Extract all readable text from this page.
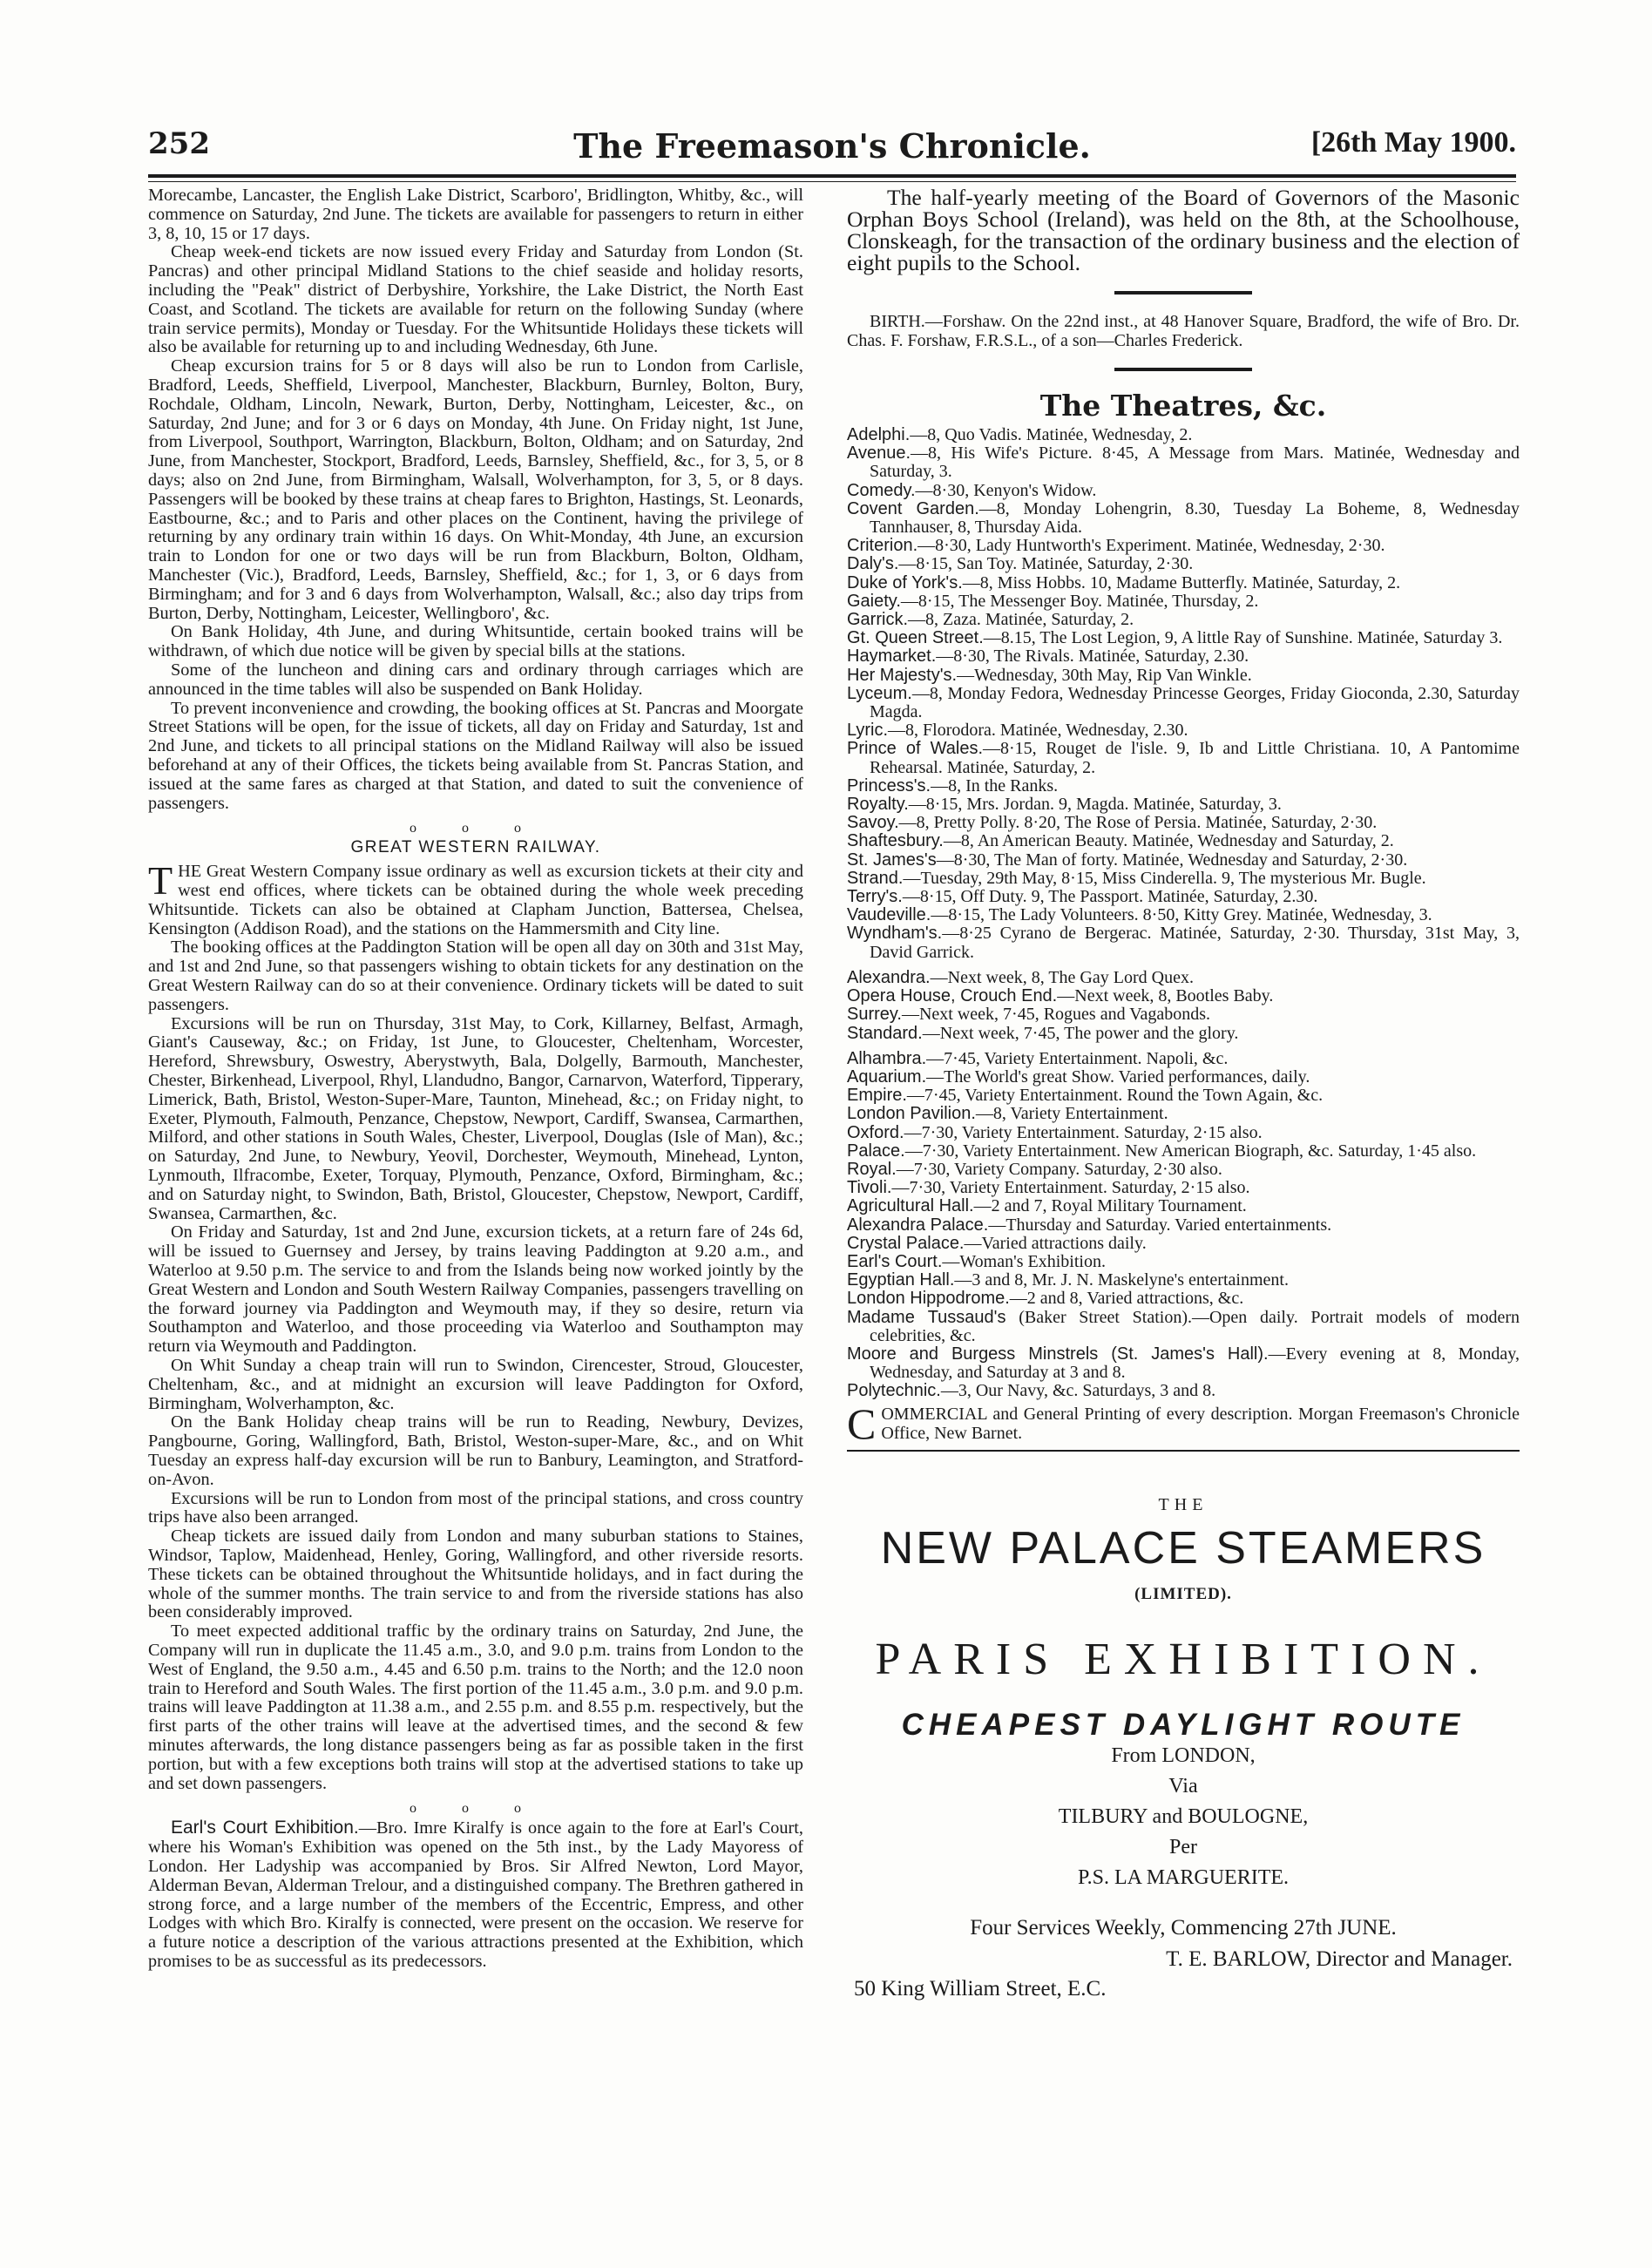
252	The Freemason's Chronicle.	[26th May 1900.

Morecambe, Lancaster, the English Lake District, Scarboro', Bridlington, Whitby, &c., will commence on Saturday, 2nd June. The tickets are available for passengers to return in either 3, 8, 10, 15 or 17 days.

Cheap week-end tickets are now issued every Friday and Saturday from London (St. Pancras) and other principal Midland Stations to the chief seaside and holiday resorts, including the "Peak" district of Derbyshire, Yorkshire, the Lake District, the North East Coast, and Scotland. The tickets are available for return on the following Sunday (where train service permits), Monday or Tuesday. For the Whitsuntide Holidays these tickets will also be available for returning up to and including Wednesday, 6th June.

Cheap excursion trains for 5 or 8 days will also be run to London from Carlisle, Bradford, Leeds, Sheffield, Liverpool, Manchester, Blackburn, Burnley, Bolton, Bury, Rochdale, Oldham, Lincoln, Newark, Burton, Derby, Nottingham, Leicester, &c., on Saturday, 2nd June; and for 3 or 6 days on Monday, 4th June. On Friday night, 1st June, from Liverpool, Southport, Warrington, Blackburn, Bolton, Oldham; and on Saturday, 2nd June, from Manchester, Stockport, Bradford, Leeds, Barnsley, Sheffield, &c., for 3, 5, or 8 days; also on 2nd June, from Birmingham, Walsall, Wolverhampton, for 3, 5, or 8 days. Passengers will be booked by these trains at cheap fares to Brighton, Hastings, St. Leonards, Eastbourne, &c.; and to Paris and other places on the Continent, having the privilege of returning by any ordinary train within 16 days. On Whit-Monday, 4th June, an excursion train to London for one or two days will be run from Blackburn, Bolton, Oldham, Manchester (Vic.), Bradford, Leeds, Barnsley, Sheffield, &c.; for 1, 3, or 6 days from Birmingham; and for 3 and 6 days from Wolverhampton, Walsall, &c.; also day trips from Burton, Derby, Nottingham, Leicester, Wellingboro', &c.

On Bank Holiday, 4th June, and during Whitsuntide, certain booked trains will be withdrawn, of which due notice will be given by special bills at the stations.

Some of the luncheon and dining cars and ordinary through carriages which are announced in the time tables will also be suspended on Bank Holiday.

To prevent inconvenience and crowding, the booking offices at St. Pancras and Moorgate Street Stations will be open, for the issue of tickets, all day on Friday and Saturday, 1st and 2nd June, and tickets to all principal stations on the Midland Railway will also be issued beforehand at any of their Offices, the tickets being available from St. Pancras Station, and issued at the same fares as charged at that Station, and dated to suit the convenience of passengers.

o o o
GREAT WESTERN RAILWAY.

THE Great Western Company issue ordinary as well as excursion tickets at their city and west end offices, where tickets can be obtained during the whole week preceding Whitsuntide. Tickets can also be obtained at Clapham Junction, Battersea, Chelsea, Kensington (Addison Road), and the stations on the Hammersmith and City line.

The booking offices at the Paddington Station will be open all day on 30th and 31st May, and 1st and 2nd June, so that passengers wishing to obtain tickets for any destination on the Great Western Railway can do so at their convenience. Ordinary tickets will be dated to suit passengers.

Excursions will be run on Thursday, 31st May, to Cork, Killarney, Belfast, Armagh, Giant's Causeway, &c.; on Friday, 1st June, to Gloucester, Cheltenham, Worcester, Hereford, Shrewsbury, Oswestry, Aberystwyth, Bala, Dolgelly, Barmouth, Manchester, Chester, Birkenhead, Liverpool, Rhyl, Llandudno, Bangor, Carnarvon, Waterford, Tipperary, Limerick, Bath, Bristol, Weston-Super-Mare, Taunton, Minehead, &c.; on Friday night, to Exeter, Plymouth, Falmouth, Penzance, Chepstow, Newport, Cardiff, Swansea, Carmarthen, Milford, and other stations in South Wales, Chester, Liverpool, Douglas (Isle of Man), &c.; on Saturday, 2nd June, to Newbury, Yeovil, Dorchester, Weymouth, Minehead, Lynton, Lynmouth, Ilfracombe, Exeter, Torquay, Plymouth, Penzance, Oxford, Birmingham, &c.; and on Saturday night, to Swindon, Bath, Bristol, Gloucester, Chepstow, Newport, Cardiff, Swansea, Carmarthen, &c.

On Friday and Saturday, 1st and 2nd June, excursion tickets, at a return fare of 24s 6d, will be issued to Guernsey and Jersey, by trains leaving Paddington at 9.20 a.m., and Waterloo at 9.50 p.m. The service to and from the Islands being now worked jointly by the Great Western and London and South Western Railway Companies, passengers travelling on the forward journey via Paddington and Weymouth may, if they so desire, return via Southampton and Waterloo, and those proceeding via Waterloo and Southampton may return via Weymouth and Paddington.

On Whit Sunday a cheap train will run to Swindon, Cirencester, Stroud, Gloucester, Cheltenham, &c., and at midnight an excursion will leave Paddington for Oxford, Birmingham, Wolverhampton, &c.

On the Bank Holiday cheap trains will be run to Reading, Newbury, Devizes, Pangbourne, Goring, Wallingford, Bath, Bristol, Weston-super-Mare, &c., and on Whit Tuesday an express half-day excursion will be run to Banbury, Leamington, and Stratford-on-Avon.

Excursions will be run to London from most of the principal stations, and cross country trips have also been arranged.

Cheap tickets are issued daily from London and many suburban stations to Staines, Windsor, Taplow, Maidenhead, Henley, Goring, Wallingford, and other riverside resorts. These tickets can be obtained throughout the Whitsuntide holidays, and in fact during the whole of the summer months. The train service to and from the riverside stations has also been considerably improved.

To meet expected additional traffic by the ordinary trains on Saturday, 2nd June, the Company will run in duplicate the 11.45 a.m., 3.0, and 9.0 p.m. trains from London to the West of England, the 9.50 a.m., 4.45 and 6.50 p.m. trains to the North; and the 12.0 noon train to Hereford and South Wales. The first portion of the 11.45 a.m., 3.0 p.m. and 9.0 p.m. trains will leave Paddington at 11.38 a.m., and 2.55 p.m. and 8.55 p.m. respectively, but the first parts of the other trains will leave at the advertised times, and the second & few minutes afterwards, the long distance passengers being as far as possible taken in the first portion, but with a few exceptions both trains will stop at the advertised stations to take up and set down passengers.

o o o

Earl's Court Exhibition.—Bro. Imre Kiralfy is once again to the fore at Earl's Court, where his Woman's Exhibition was opened on the 5th inst., by the Lady Mayoress of London. Her Ladyship was accompanied by Bros. Sir Alfred Newton, Lord Mayor, Alderman Bevan, Alderman Trelour, and a distinguished company. The Brethren gathered in strong force, and a large number of the members of the Eccentric, Empress, and other Lodges with which Bro. Kiralfy is connected, were present on the occasion. We reserve for a future notice a description of the various attractions presented at the Exhibition, which promises to be as successful as its predecessors.

The half-yearly meeting of the Board of Governors of the Masonic Orphan Boys School (Ireland), was held on the 8th, at the Schoolhouse, Clonskeagh, for the transaction of the ordinary business and the election of eight pupils to the School.

BIRTH.—Forshaw. On the 22nd inst., at 48 Hanover Square, Bradford, the wife of Bro. Dr. Chas. F. Forshaw, F.R.S.L., of a son—Charles Frederick.

The Theatres, &c.

Adelphi.—8, Quo Vadis. Matinée, Wednesday, 2.

Avenue.—8, His Wife's Picture. 8·45, A Message from Mars. Matinée, Wednesday and Saturday, 3.

Comedy.—8·30, Kenyon's Widow.

Covent Garden.—8, Monday Lohengrin, 8.30, Tuesday La Boheme, 8, Wednesday Tannhauser, 8, Thursday Aida.

Criterion.—8·30, Lady Huntworth's Experiment. Matinée, Wednesday, 2·30.

Daly's.—8·15, San Toy. Matinée, Saturday, 2·30.

Duke of York's.—8, Miss Hobbs. 10, Madame Butterfly. Matinée, Saturday, 2.

Gaiety.—8·15, The Messenger Boy. Matinée, Thursday, 2.

Garrick.—8, Zaza. Matinée, Saturday, 2.

Gt. Queen Street.—8.15, The Lost Legion, 9, A little Ray of Sunshine. Matinée, Saturday 3.

Haymarket.—8·30, The Rivals. Matinée, Saturday, 2.30.

Her Majesty's.—Wednesday, 30th May, Rip Van Winkle.

Lyceum.—8, Monday Fedora, Wednesday Princesse Georges, Friday Gioconda, 2.30, Saturday Magda.

Lyric.—8, Florodora. Matinée, Wednesday, 2.30.

Prince of Wales.—8·15, Rouget de l'isle. 9, Ib and Little Christiana. 10, A Pantomime Rehearsal. Matinée, Saturday, 2.

Princess's.—8, In the Ranks.

Royalty.—8·15, Mrs. Jordan. 9, Magda. Matinée, Saturday, 3.

Savoy.—8, Pretty Polly. 8·20, The Rose of Persia. Matinée, Saturday, 2·30.

Shaftesbury.—8, An American Beauty. Matinée, Wednesday and Saturday, 2.

St. James's—8·30, The Man of forty. Matinée, Wednesday and Saturday, 2·30.

Strand.—Tuesday, 29th May, 8·15, Miss Cinderella. 9, The mysterious Mr. Bugle.

Terry's.—8·15, Off Duty. 9, The Passport. Matinée, Saturday, 2.30.

Vaudeville.—8·15, The Lady Volunteers. 8·50, Kitty Grey. Matinée, Wednesday, 3.

Wyndham's.—8·25 Cyrano de Bergerac. Matinée, Saturday, 2·30. Thursday, 31st May, 3, David Garrick.

Alexandra.—Next week, 8, The Gay Lord Quex.

Opera House, Crouch End.—Next week, 8, Bootles Baby.

Surrey.—Next week, 7·45, Rogues and Vagabonds.

Standard.—Next week, 7·45, The power and the glory.

Alhambra.—7·45, Variety Entertainment. Napoli, &c.

Aquarium.—The World's great Show. Varied performances, daily.

Empire.—7·45, Variety Entertainment. Round the Town Again, &c.

London Pavilion.—8, Variety Entertainment.

Oxford.—7·30, Variety Entertainment. Saturday, 2·15 also.

Palace.—7·30, Variety Entertainment. New American Biograph, &c. Saturday, 1·45 also.

Royal.—7·30, Variety Company. Saturday, 2·30 also.

Tivoli.—7·30, Variety Entertainment. Saturday, 2·15 also.

Agricultural Hall.—2 and 7, Royal Military Tournament.

Alexandra Palace.—Thursday and Saturday. Varied entertainments.

Crystal Palace.—Varied attractions daily.

Earl's Court.—Woman's Exhibition.

Egyptian Hall.—3 and 8, Mr. J. N. Maskelyne's entertainment.

London Hippodrome.—2 and 8, Varied attractions, &c.

Madame Tussaud's (Baker Street Station).—Open daily. Portrait models of modern celebrities, &c.

Moore and Burgess Minstrels (St. James's Hall).—Every evening at 8, Monday, Wednesday, and Saturday at 3 and 8.

Polytechnic.—3, Our Navy, &c. Saturdays, 3 and 8.

COMMERCIAL and General Printing of every description. Morgan Freemason's Chronicle Office, New Barnet.

THE
NEW PALACE STEAMERS
(LIMITED).
PARIS EXHIBITION.
CHEAPEST DAYLIGHT ROUTE
From LONDON,
Via
TILBURY and BOULOGNE,
Per
P.S. LA MARGUERITE.
Four Services Weekly, Commencing 27th JUNE.
T. E. BARLOW, Director and Manager.
50 King William Street, E.C.
